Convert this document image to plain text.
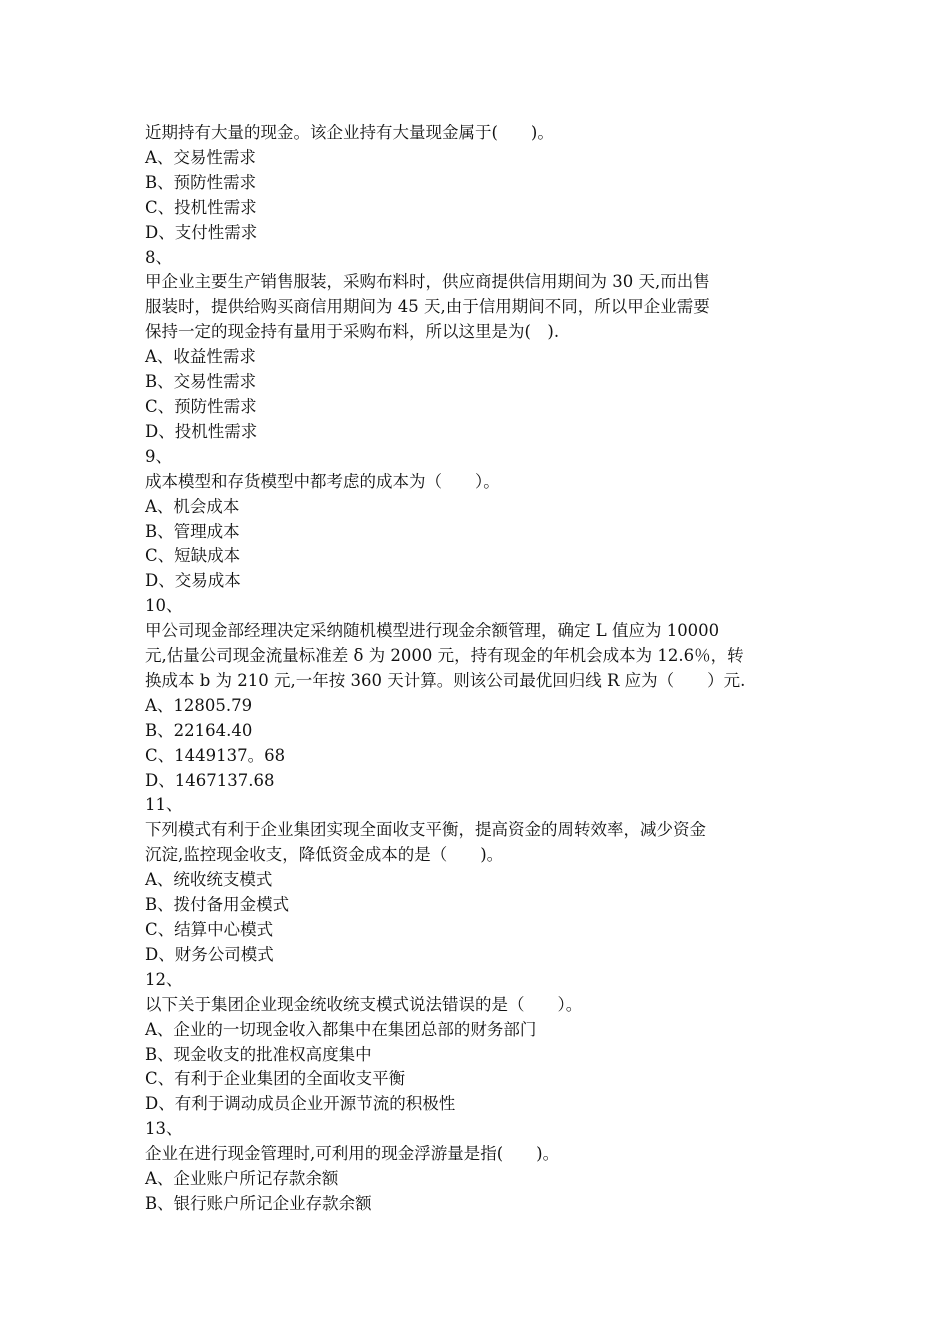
近期持有大量的现金。该企业持有大量现金属于(　　)。
A、交易性需求
B、预防性需求
C、投机性需求
D、支付性需求
8、
甲企业主要生产销售服装，采购布料时，供应商提供信用期间为 30 天,而出售
服装时，提供给购买商信用期间为 45 天,由于信用期间不同，所以甲企业需要
保持一定的现金持有量用于采购布料，所以这里是为(　).
A、收益性需求
B、交易性需求
C、预防性需求
D、投机性需求
9、
成本模型和存货模型中都考虑的成本为（　　）。
A、机会成本
B、管理成本
C、短缺成本
D、交易成本
10、
甲公司现金部经理决定采纳随机模型进行现金余额管理，确定 L 值应为 10000
元,估量公司现金流量标准差 δ 为 2000 元，持有现金的年机会成本为 12.6％，转
换成本 b 为 210 元,一年按 360 天计算。则该公司最优回归线 R 应为（　　）元.
A、12805.79
B、22164.40
C、1449137。68
D、1467137.68
11、
下列模式有利于企业集团实现全面收支平衡，提高资金的周转效率，减少资金
沉淀,监控现金收支，降低资金成本的是（　　)。
A、统收统支模式
B、拨付备用金模式
C、结算中心模式
D、财务公司模式
12、
以下关于集团企业现金统收统支模式说法错误的是（　　）。
A、企业的一切现金收入都集中在集团总部的财务部门
B、现金收支的批准权高度集中
C、有利于企业集团的全面收支平衡
D、有利于调动成员企业开源节流的积极性
13、
企业在进行现金管理时,可利用的现金浮游量是指(　　)。
A、企业账户所记存款余额
B、银行账户所记企业存款余额
